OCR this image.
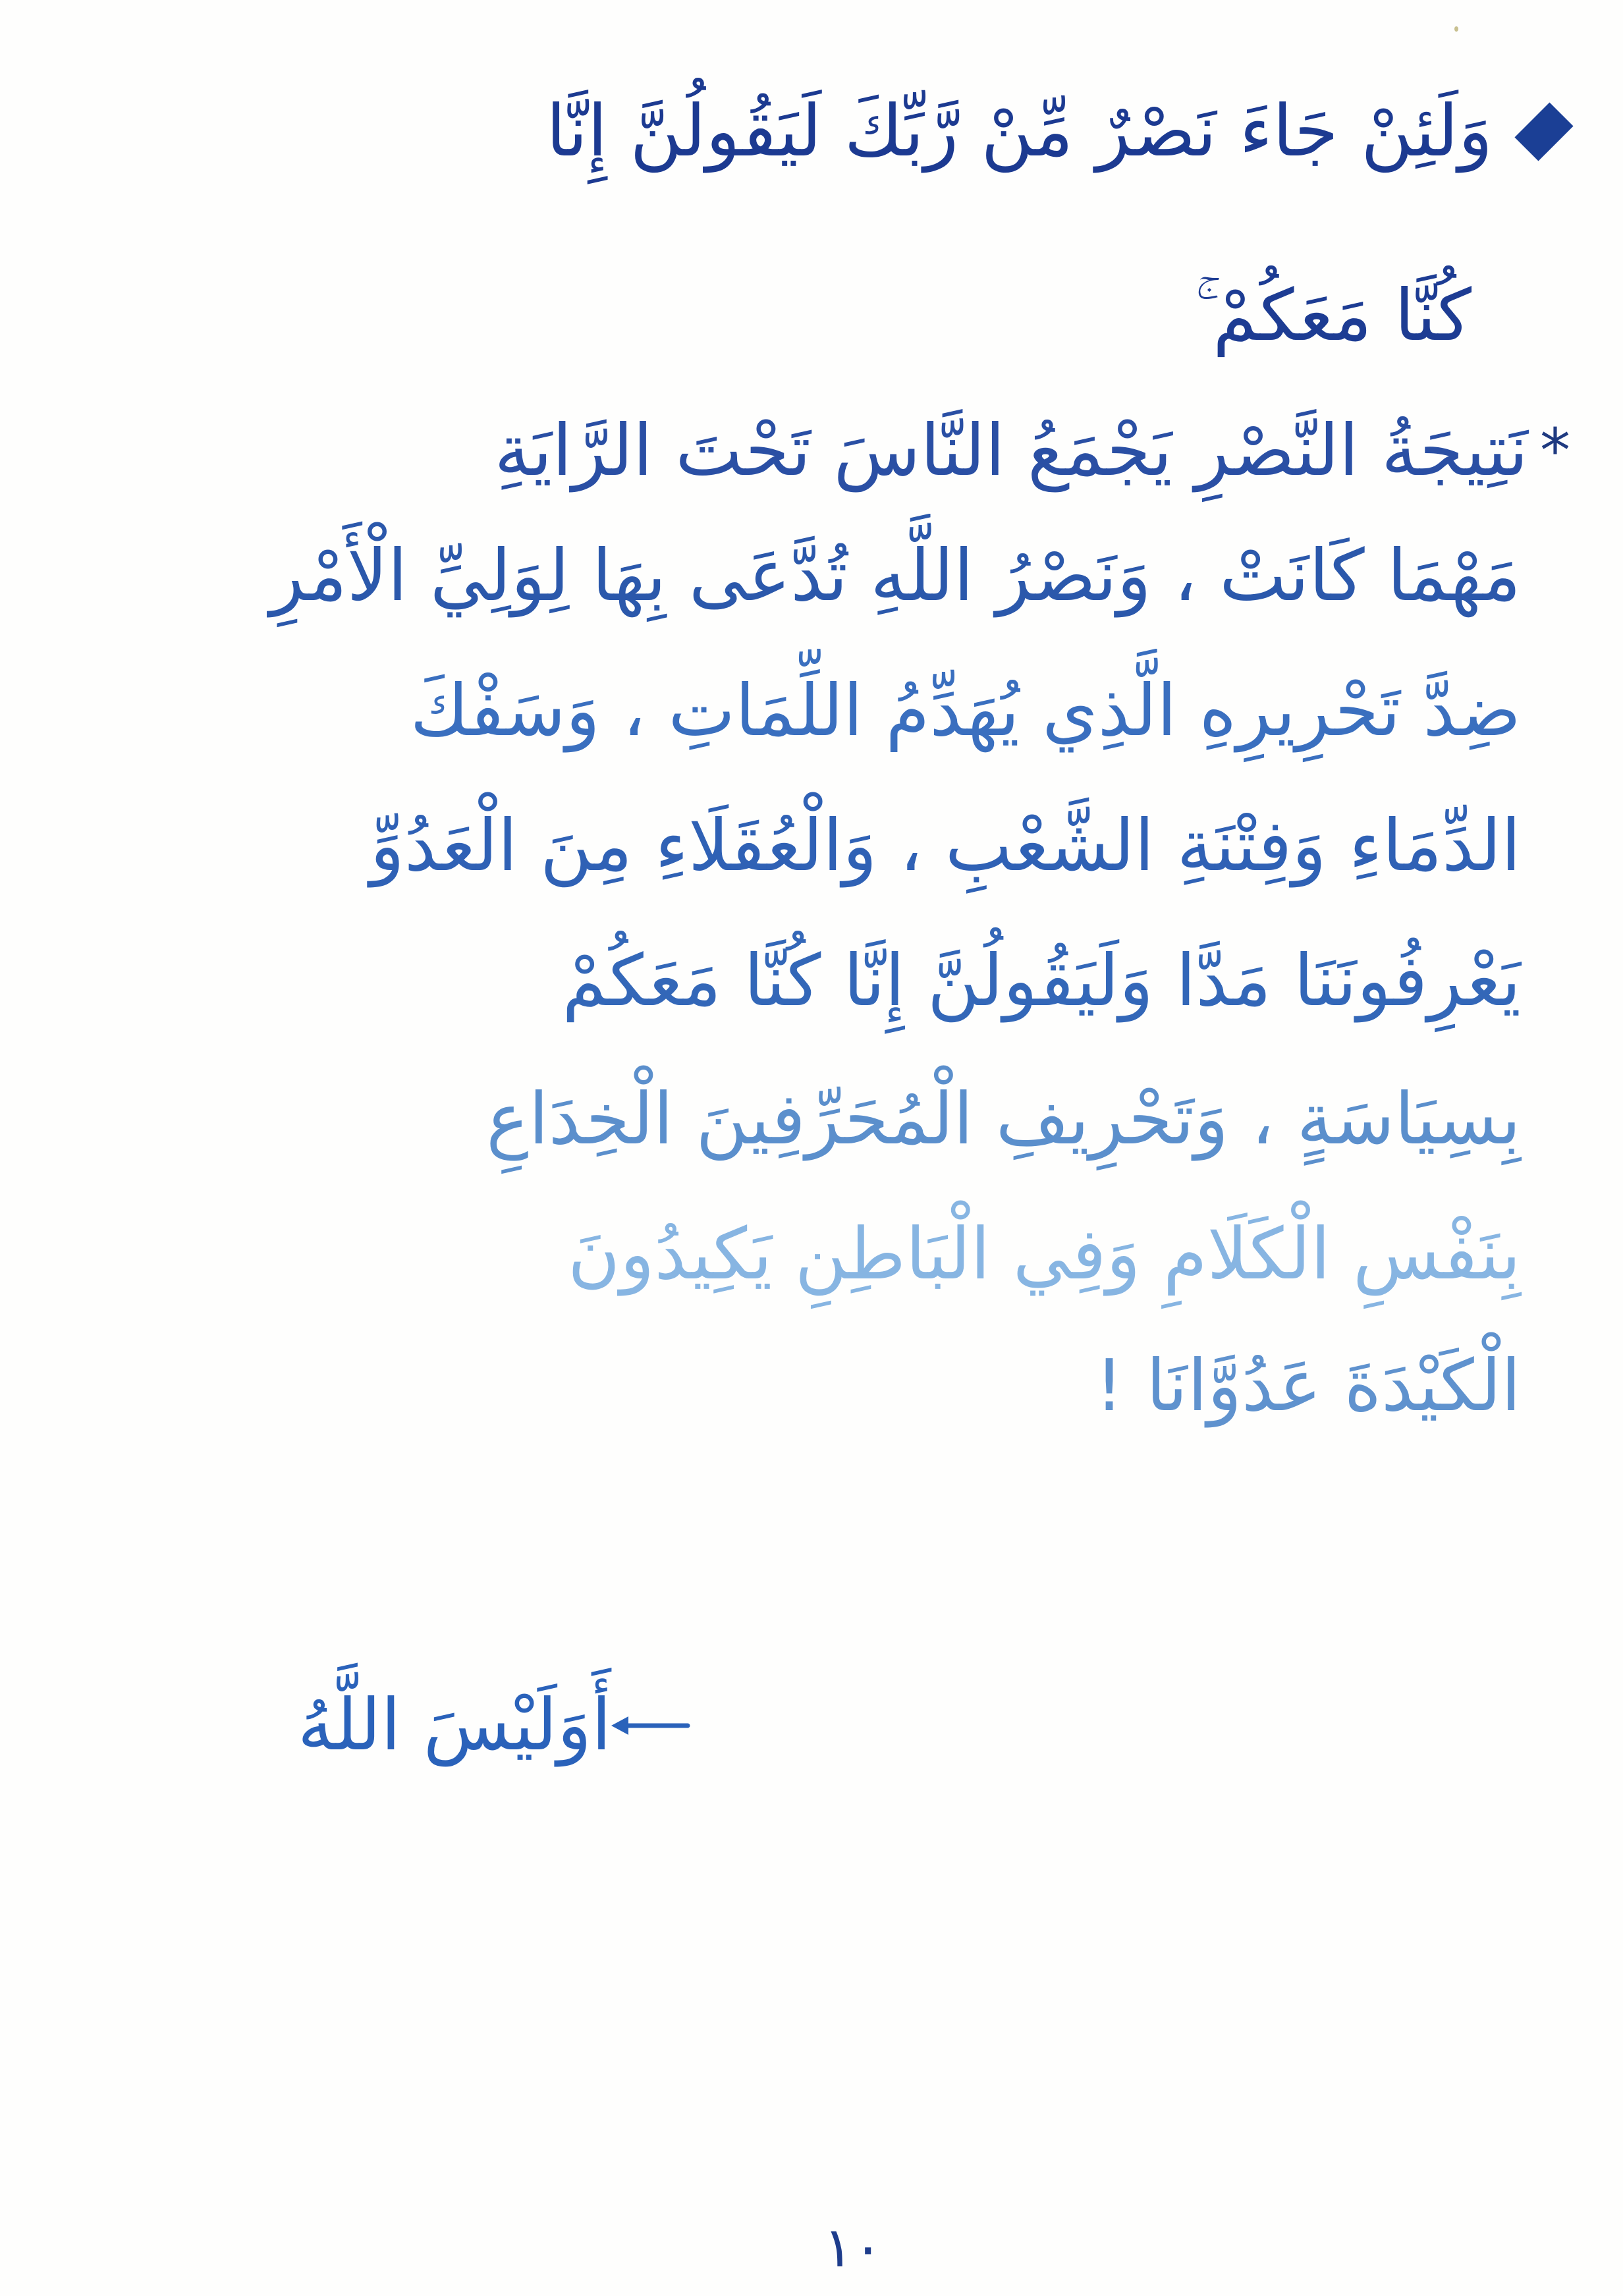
وَلَئِنْ جَاءَ نَصْرٌ مِّنْ رَّبِّكَ لَيَقُولُنَّ إِنَّا
كُنَّا مَعَكُمْ ۚ
*
نَتِيجَةُ النَّصْرِ يَجْمَعُ النَّاسَ تَحْتَ الرَّايَةِ
مَهْمَا كَانَتْ ، وَنَصْرُ اللَّهِ تُدَّعَى بِهَا لِوَلِيِّ الْأَمْرِ
ضِدَّ تَحْرِيرِهِ الَّذِي يُهَدِّمُ اللِّمَاتِ ، وَسَفْكَ
الدِّمَاءِ وَفِتْنَةِ الشَّعْبِ ، وَالْعُقَلَاءِ مِنَ الْعَدُوِّ
يَعْرِفُونَنَا مَدَّا وَلَيَقُولُنَّ إِنَّا كُنَّا مَعَكُمْ
بِسِيَاسَةٍ ، وَتَحْرِيفِ الْمُحَرِّفِينَ الْخِدَاعِ
بِنَفْسِ الْكَلَامِ وَفِي الْبَاطِنِ يَكِيدُونَ
الْكَيْدَةَ عَدُوَّانَا !
أَوَلَيْسَ اللَّهُ
١٠
